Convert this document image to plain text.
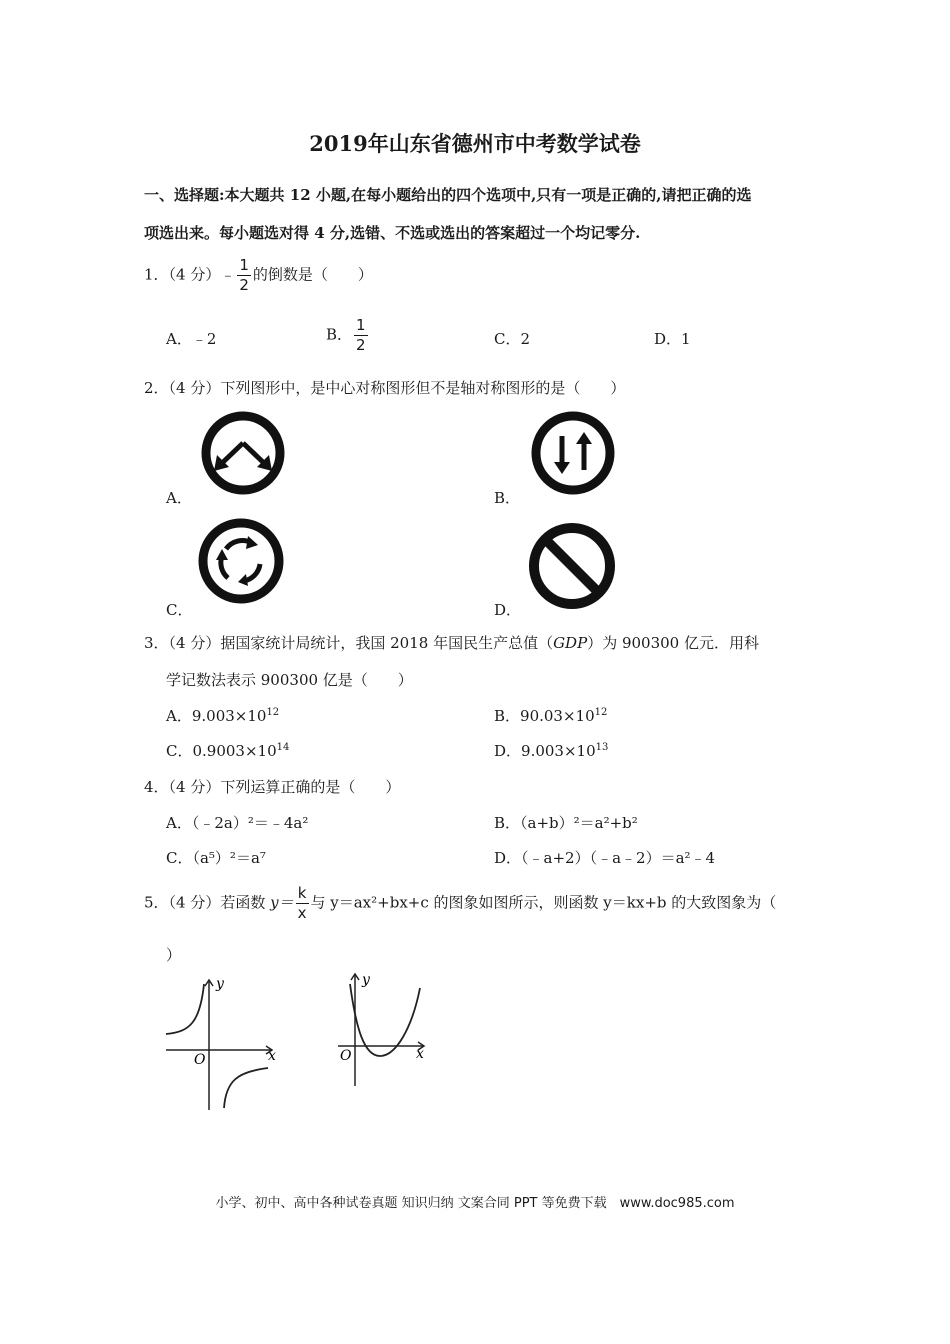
2019年山东省德州市中考数学试卷
一、选择题:本大题共 12 小题,在每小题给出的四个选项中,只有一项是正确的,请把正确的选
项选出来。每小题选对得 4 分,选错、不选或选出的答案超过一个均记零分.
1．（4 分）﹣ $\frac{1}{2}$ 的倒数是（　　）
A．﹣2	B． $\frac{1}{2}$	C．2	D．1
2．（4 分）下列图形中，是中心对称图形但不是轴对称图形的是（　　）
A．	B．
C．	D．
3．（4 分）据国家统计局统计，我国 2018 年国民生产总值（GDP）为 900300 亿元．用科
学记数法表示 900300 亿是（　　）
A．$9.003\times 10^{12}$	B．$90.03\times 10^{12}$
C．$0.9003\times 10^{14}$	D．$9.003\times 10^{13}$
4．（4 分）下列运算正确的是（　　）
A．（﹣2a）²＝﹣4a²	B．（a+b）²＝a²+b²
C．（a⁵）²＝a⁷	D．（﹣a+2）（﹣a﹣2）＝a²﹣4
5．（4 分）若函数 $y= \frac{k}{x}$ 与 y＝ax²+bx+c 的图象如图所示，则函数 y＝kx+b 的大致图象为（
）
y
x
O
y
x
O
小学、初中、高中各种试卷真题 知识归纳 文案合同 PPT 等免费下载　www.doc985.com
